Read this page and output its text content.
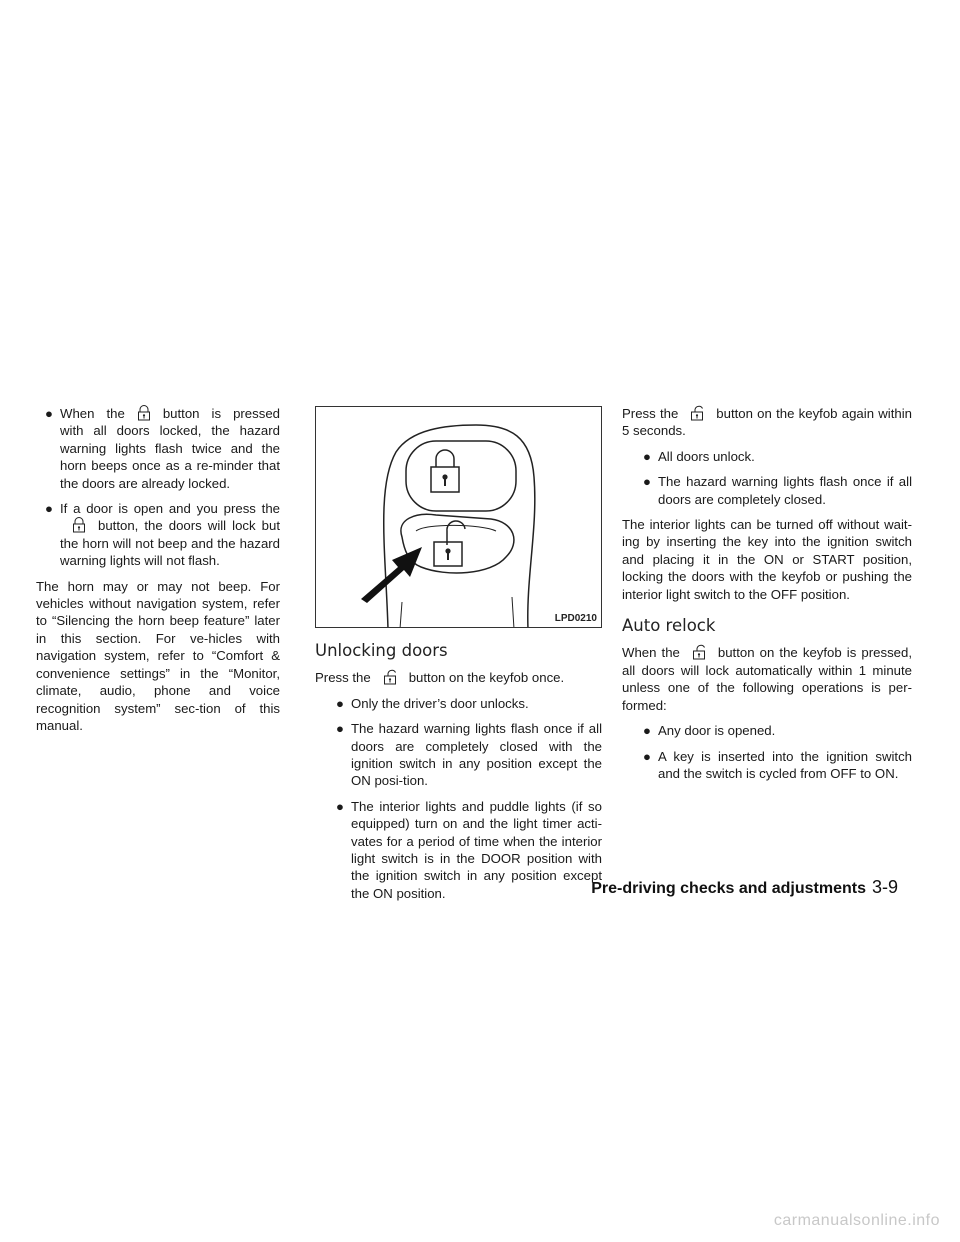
● When the	button is pressed with all doors locked, the hazard warning lights flash twice and the horn beeps once as a re-minder that the doors are already locked.
● If a door is open and you press thebutton, the doors will lock but the horn will not beep and the hazard warning lights will not flash.

The horn may or may not beep. For vehicles without navigation system, refer to “Silencing the horn beep feature” later in this section. For ve-hicles with navigation system, refer to “Comfort & convenience settings” in the “Monitor, climate, audio, phone and voice recognition system” sec-tion of this manual.

LPD0210
Unlocking doors

Press the	button on the keyfob once.

● Only the driver’s door unlocks.
● The hazard warning lights flash once if all doors are completely closed with the ignition switch in any position except the ON posi-tion.
● The interior lights and puddle lights (if so equipped) turn on and the light timer acti-vates for a period of time when the interior light switch is in the DOOR position with the ignition switch in any position except the ON position.

Press the	button on the keyfob again within 5 seconds.

● All doors unlock.
● The hazard warning lights flash once if all doors are completely closed.

The interior lights can be turned off without wait-ing by inserting the key into the ignition switch and placing it in the ON or START position, locking the doors with the keyfob or pushing the interior light switch to the OFF position.

Auto relock

When the	button on the keyfob is pressed, all doors will lock automatically within 1 minute unless one of the following operations is per-formed:

● Any door is opened.
● A key is inserted into the ignition switch and the switch is cycled from OFF to ON.
Pre-driving checks and adjustments 3-9
carmanualsonline.info
